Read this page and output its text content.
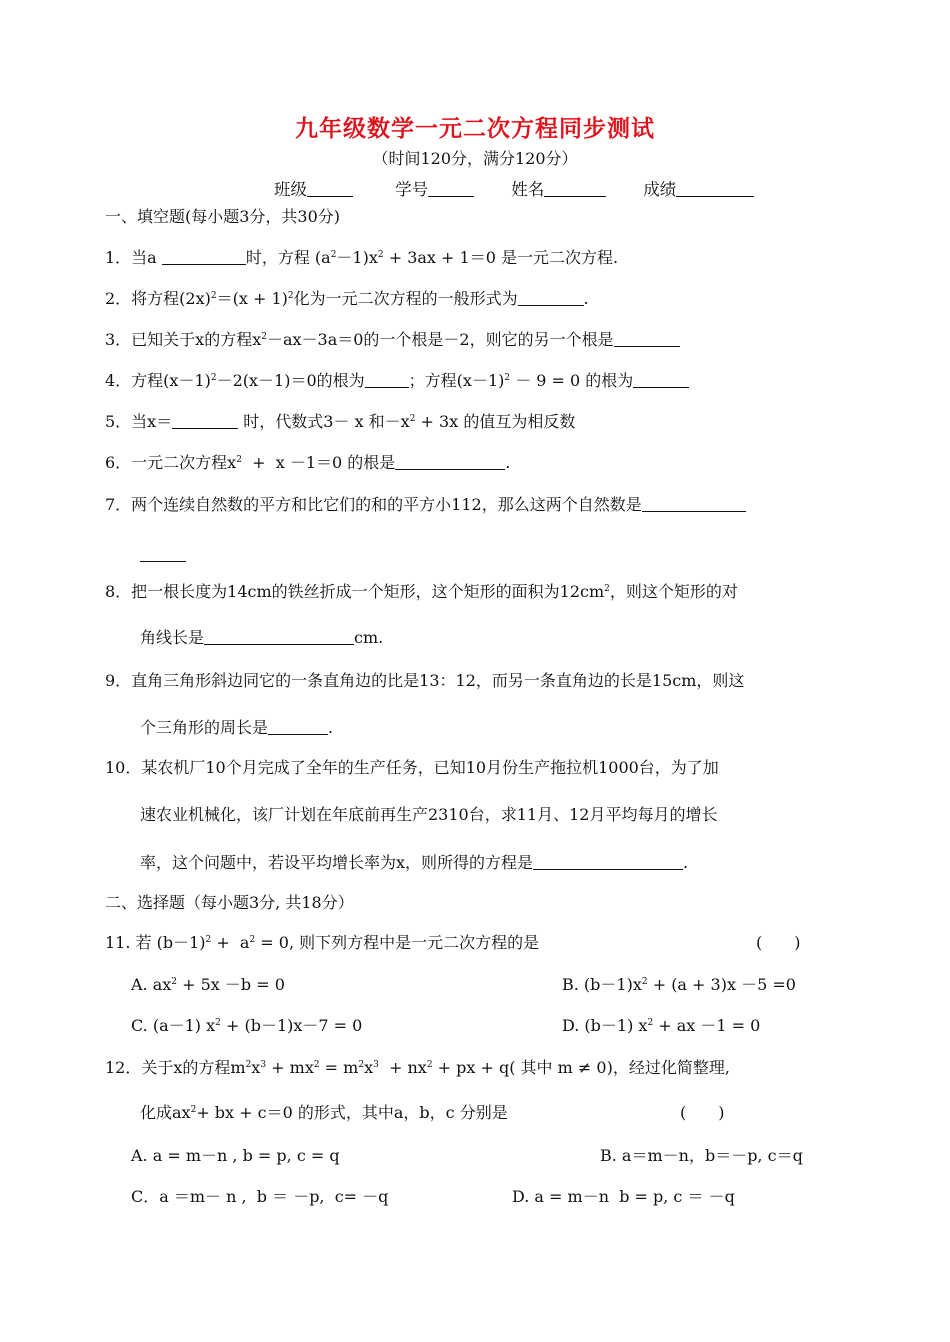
九年级数学一元二次方程同步测试
（时间120分，满分120分）
班级	学号	姓名	成绩
一、填空题(每小题3分，共30分)
1．当a	时，方程 $(a^2-1)x^2 + 3ax + 1=0$ 是一元二次方程.
2．将方程$(2x)^2=(x + 1)^2$化为一元二次方程的一般形式为	.
3．已知关于x的方程$x^2-ax-3a=0$的一个根是－2，则它的另一个根是
4．方程$(x-1)^2-2(x-1)=0$的根为	；方程$(x-1)^2 - 9 = 0$ 的根为
5．当x＝	时，代数式3－ x 和$-x^2 + 3x$ 的值互为相反数
6．一元二次方程$x^2 + x -1=0$ 的根是	.
7．两个连续自然数的平方和比它们的和的平方小112，那么这两个自然数是
8．把一根长度为14cm的铁丝折成一个矩形，这个矩形的面积为$12cm^2$，则这个矩形的对
角线长是	cm.
9．直角三角形斜边同它的一条直角边的比是13：12，而另一条直角边的长是15cm，则这
个三角形的周长是	.
10．某农机厂10个月完成了全年的生产任务，已知10月份生产拖拉机1000台，为了加
速农业机械化，该厂计划在年底前再生产2310台，求11月、12月平均每月的增长
率，这个问题中，若设平均增长率为x，则所得的方程是	.
二、选择题（每小题3分, 共18分）
11. 若 $(b-1)^2 + a^2 = 0$, 则下列方程中是一元二次方程的是	(　　)
A. $ax^2 + 5x -b = 0$	B. $(b-1)x^2 + (a + 3)x -5 =0$
C. (a－1) $x^2 + (b-1)x-7 = 0$	D. (b－1) $x^2$ + ax －1 = 0
12．关于x的方程$m^2x^3 + mx^2 = m^2x^3 + nx^2$ + px + q( 其中 m ≠ 0)，经过化简整理,
化成$ax^2+$ bx + c＝0 的形式，其中a，b，c 分别是	(　　)
A. a = m－n , b = p, c = q	B. a＝m－n，b＝－p, c＝q
C．a ＝m－ n ,  b ＝ －p,  c= －q	D. a = m－n  b = p, c ＝ －q
